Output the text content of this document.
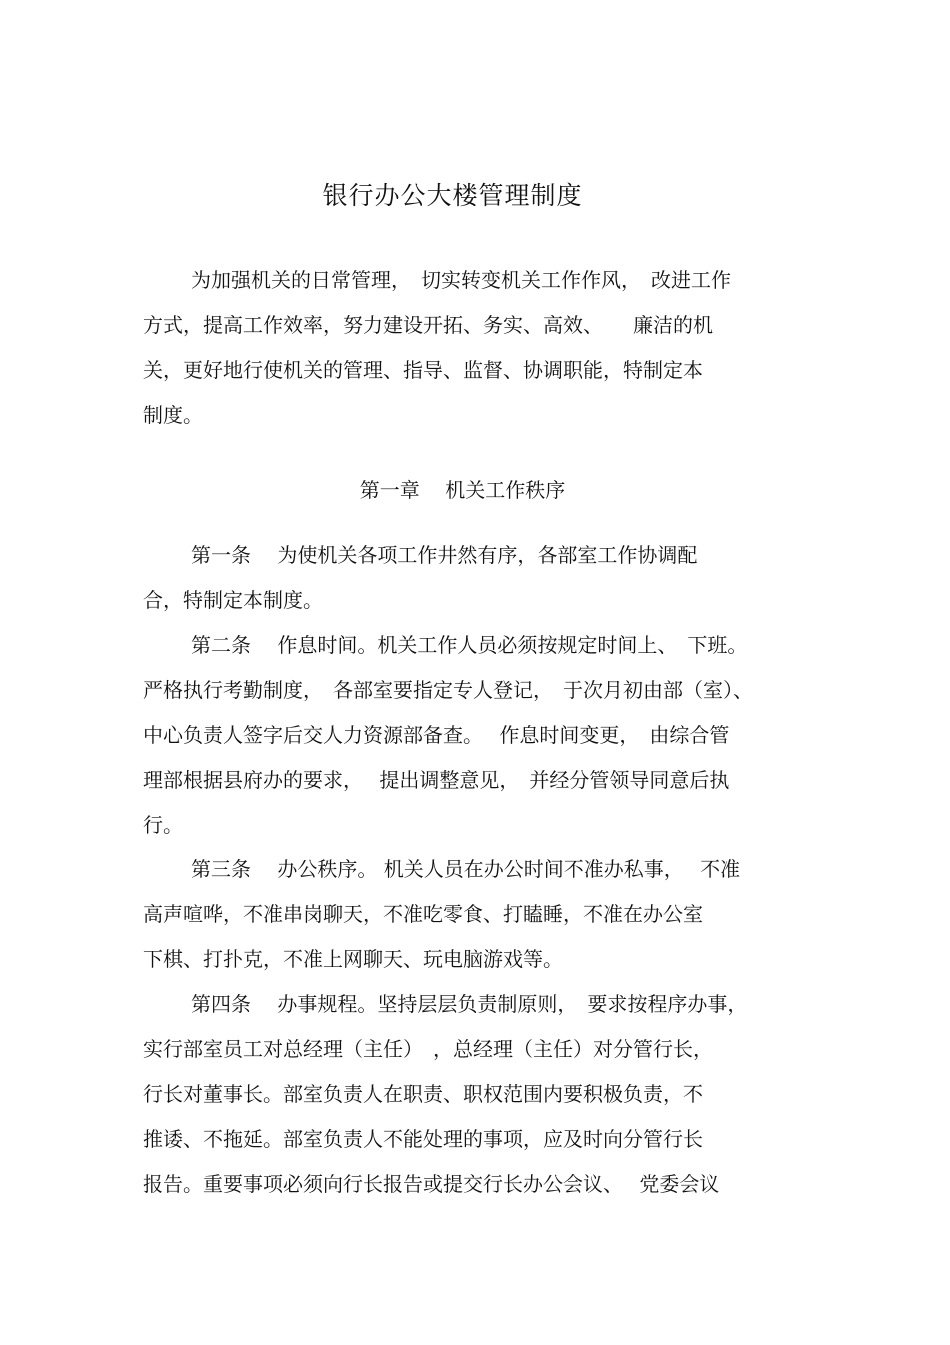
银行办公大楼管理制度
为加强机关的日常管理，　切实转变机关工作作风，　改进工作
方式，提高工作效率，努力建设开拓、务实、高效、　　廉洁的机
关，更好地行使机关的管理、指导、监督、协调职能，特制定本
制度。
第一章 机关工作秩序
第一条　 为使机关各项工作井然有序，各部室工作协调配
合，特制定本制度。
第二条　 作息时间。机关工作人员必须按规定时间上、　下班。
严格执行考勤制度，　各部室要指定专人登记，　于次月初由部（室）、
中心负责人签字后交人力资源部备查。　 作息时间变更，　由综合管
理部根据县府办的要求，　 提出调整意见，　并经分管领导同意后执
行。
第三条　 办公秩序。 机关人员在办公时间不准办私事，　 不准
高声喧哗，不准串岗聊天，不准吃零食、打瞌睡，不准在办公室
下棋、打扑克，不准上网聊天、玩电脑游戏等。
第四条　 办事规程。坚持层层负责制原则，　要求按程序办事，
实行部室员工对总经理（主任）　，总经理（主任）对分管行长，
行长对董事长。部室负责人在职责、职权范围内要积极负责，不
推诿、不拖延。部室负责人不能处理的事项，应及时向分管行长
报告。重要事项必须向行长报告或提交行长办公会议、　 党委会议
